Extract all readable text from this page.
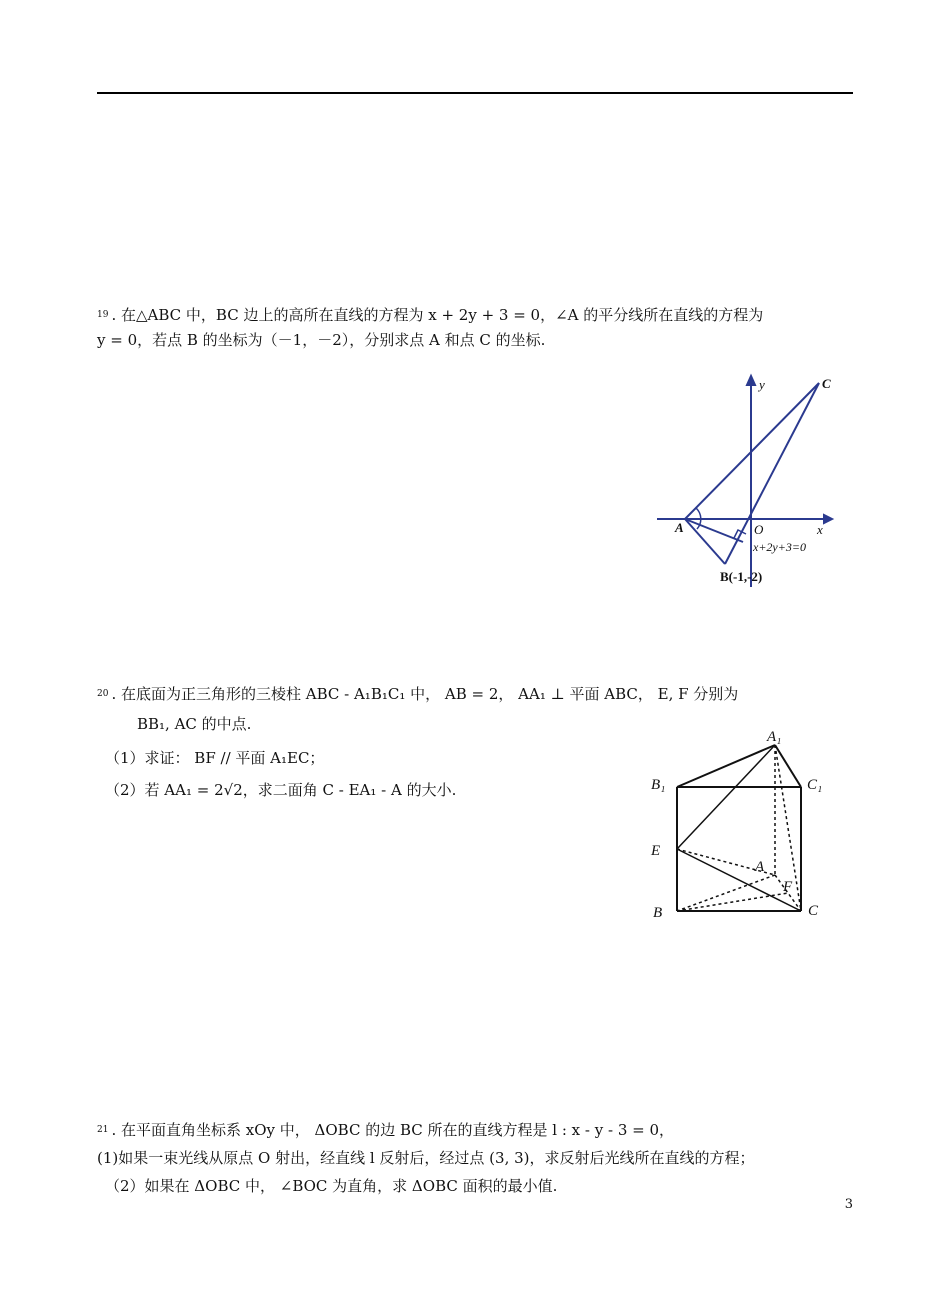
$^{19}$ . 在△ABC 中，BC 边上的高所在直线的方程为 x + 2y + 3 = 0，∠A 的平分线所在直线的方程为
y = 0，若点 B 的坐标为（－1，－2），分别求点 A 和点 C 的坐标.
y	C
A	O	x
x+2y+3=0
B(-1,-2)
$^{20}$ . 在底面为正三角形的三棱柱 ABC - A₁B₁C₁ 中， AB = 2， AA₁ ⊥ 平面 ABC， E, F 分别为
BB₁, AC 的中点.
（1）求证： BF // 平面 A₁EC；
（2）若 AA₁ = 2√2，求二面角 C - EA₁ - A 的大小.
A₁
B₁	C₁
E
A
F
B	C
$^{21}$ . 在平面直角坐标系 xOy 中， ΔOBC 的边 BC 所在的直线方程是 l : x - y - 3 = 0，
(1)如果一束光线从原点 O 射出，经直线 l 反射后，经过点 (3, 3)，求反射后光线所在直线的方程；
（2）如果在 ΔOBC 中， ∠BOC 为直角，求 ΔOBC 面积的最小值.
3
